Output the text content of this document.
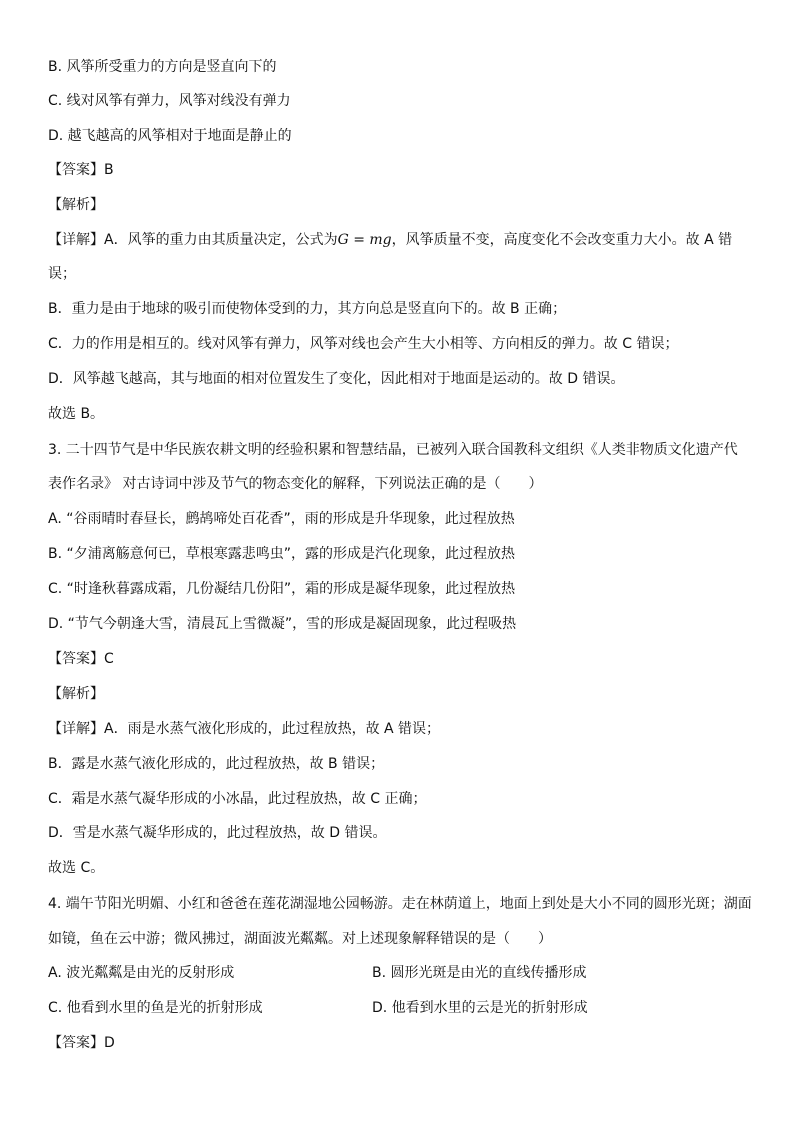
B. 风筝所受重力的方向是竖直向下的
C. 线对风筝有弹力，风筝对线没有弹力
D. 越飞越高的风筝相对于地面是静止的
【答案】B
【解析】
【详解】A．风筝的重力由其质量决定，公式为G = mg，风筝质量不变，高度变化不会改变重力大小。故 A 错
误；
B．重力是由于地球的吸引而使物体受到的力，其方向总是竖直向下的。故 B 正确；
C．力的作用是相互的。线对风筝有弹力，风筝对线也会产生大小相等、方向相反的弹力。故 C 错误；
D．风筝越飞越高，其与地面的相对位置发生了变化，因此相对于地面是运动的。故 D 错误。
故选 B。
3. 二十四节气是中华民族农耕文明的经验积累和智慧结晶，已被列入联合国教科文组织《人类非物质文化遗产代
表作名录》 对古诗词中涉及节气的物态变化的解释，下列说法正确的是（　　）
A. “谷雨晴时春昼长，鹧鸪啼处百花香”，雨的形成是升华现象，此过程放热
B. “夕浦离觞意何已，草根寒露悲鸣虫”，露的形成是汽化现象，此过程放热
C. “时逢秋暮露成霜，几份凝结几份阳”，霜的形成是凝华现象，此过程放热
D. “节气今朝逢大雪，清晨瓦上雪微凝”，雪的形成是凝固现象，此过程吸热
【答案】C
【解析】
【详解】A．雨是水蒸气液化形成的，此过程放热，故 A 错误；
B．露是水蒸气液化形成的，此过程放热，故 B 错误；
C．霜是水蒸气凝华形成的小冰晶，此过程放热，故 C 正确；
D．雪是水蒸气凝华形成的，此过程放热，故 D 错误。
故选 C。
4. 端午节阳光明媚、小红和爸爸在莲花湖湿地公园畅游。走在林荫道上，地面上到处是大小不同的圆形光斑；湖面
如镜，鱼在云中游；微风拂过，湖面波光粼粼。对上述现象解释错误的是（　　）
A. 波光粼粼是由光的反射形成	B. 圆形光斑是由光的直线传播形成
C. 他看到水里的鱼是光的折射形成	D. 他看到水里的云是光的折射形成
【答案】D
